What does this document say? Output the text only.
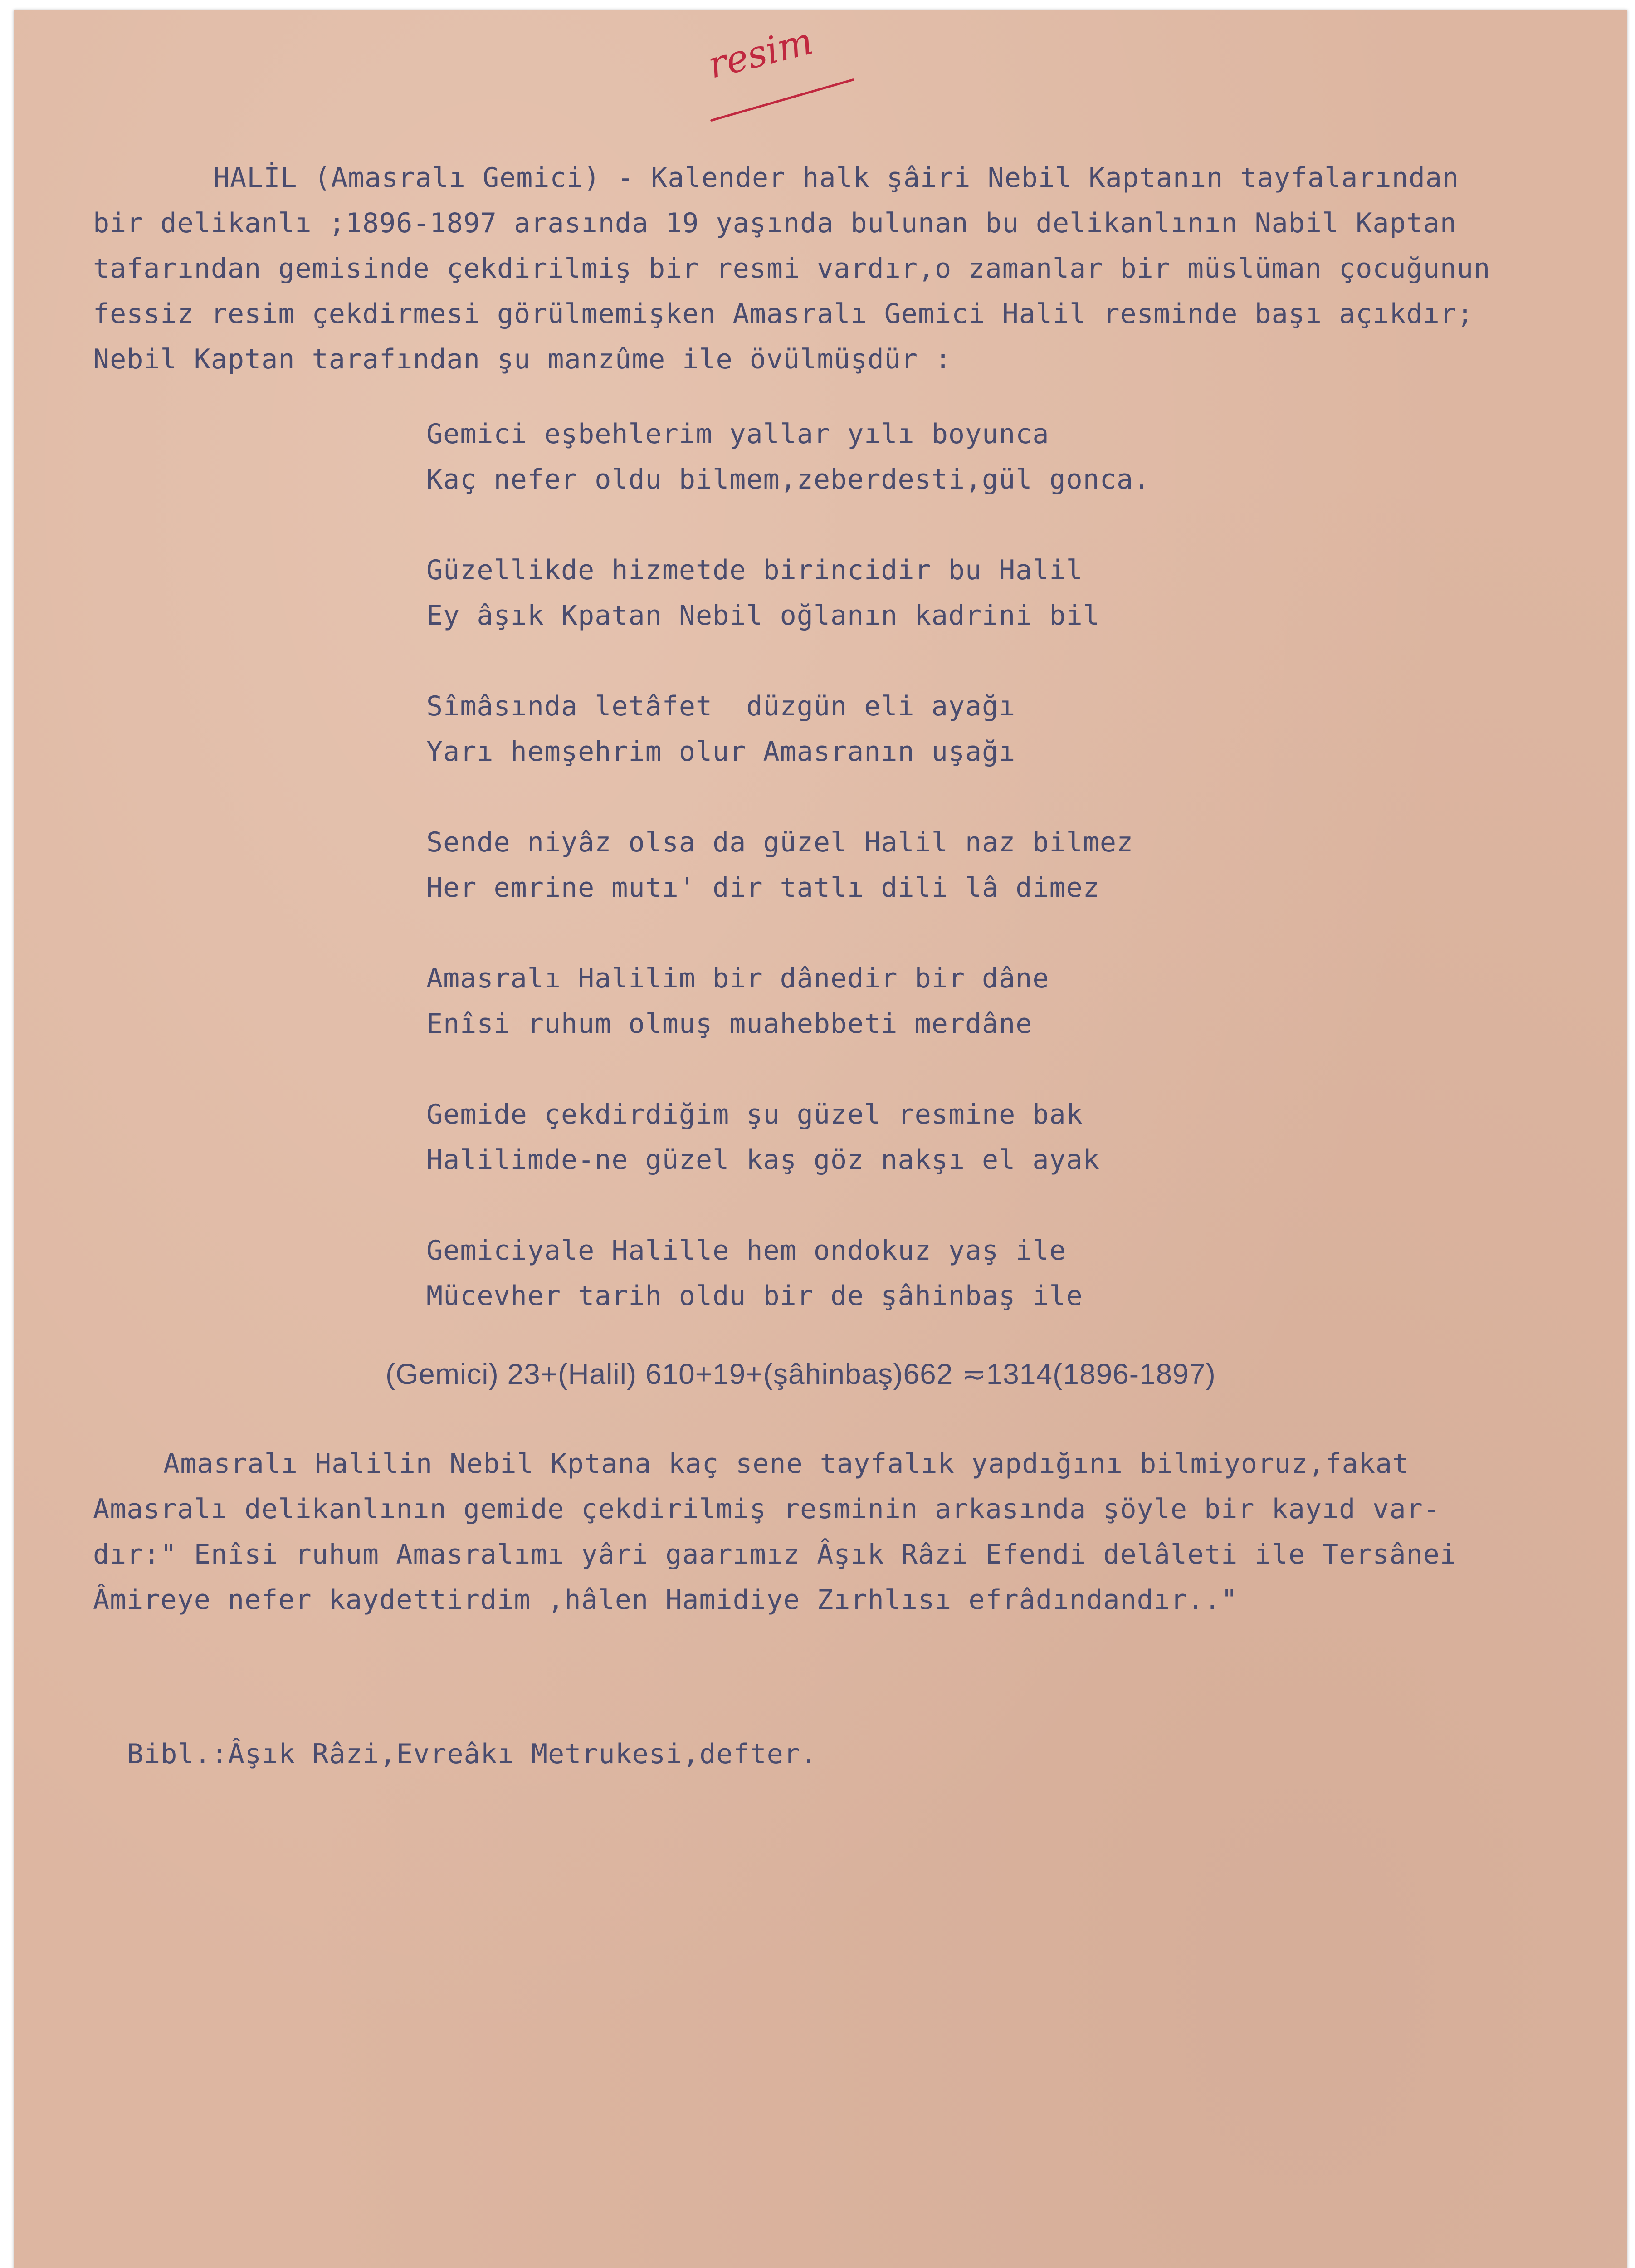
resim
HALİL (Amasralı Gemici) - Kalender halk şâiri Nebil Kaptanın tayfalarından
bir delikanlı ;1896-1897 arasında 19 yaşında bulunan bu delikanlının Nabil Kaptan
tafarından gemisinde çekdirilmiş bir resmi vardır,o zamanlar bir müslüman çocuğunun
fessiz resim çekdirmesi görülmemişken Amasralı Gemici Halil resminde başı açıkdır;
Nebil Kaptan tarafından şu manzûme ile övülmüşdür :
Gemici eşbehlerim yallar yılı boyunca
Kaç nefer oldu bilmem,zeberdesti,gül gonca.
Güzellikde hizmetde birincidir bu Halil
Ey âşık Kpatan Nebil oğlanın kadrini bil
Sîmâsında letâfet  düzgün eli ayağı
Yarı hemşehrim olur Amasranın uşağı
Sende niyâz olsa da güzel Halil naz bilmez
Her emrine mutı' dir tatlı dili lâ dimez
Amasralı Halilim bir dânedir bir dâne
Enîsi ruhum olmuş muahebbeti merdâne
Gemide çekdirdiğim şu güzel resmine bak
Halilimde-ne güzel kaş göz nakşı el ayak
Gemiciyale Halille hem ondokuz yaş ile
Mücevher tarih oldu bir de şâhinbaş ile
(Gemici) 23+(Halil) 610+19+(şâhinbaş)662 ≂1314(1896-1897)
Amasralı Halilin Nebil Kptana kaç sene tayfalık yapdığını bilmiyoruz,fakat
Amasralı delikanlının gemide çekdirilmiş resminin arkasında şöyle bir kayıd var-
dır:" Enîsi ruhum Amasralımı yâri gaarımız Âşık Râzi Efendi delâleti ile Tersânei
Âmireye nefer kaydettirdim ,hâlen Hamidiye Zırhlısı efrâdındandır.."
Bibl.:Âşık Râzi,Evreâkı Metrukesi,defter.
